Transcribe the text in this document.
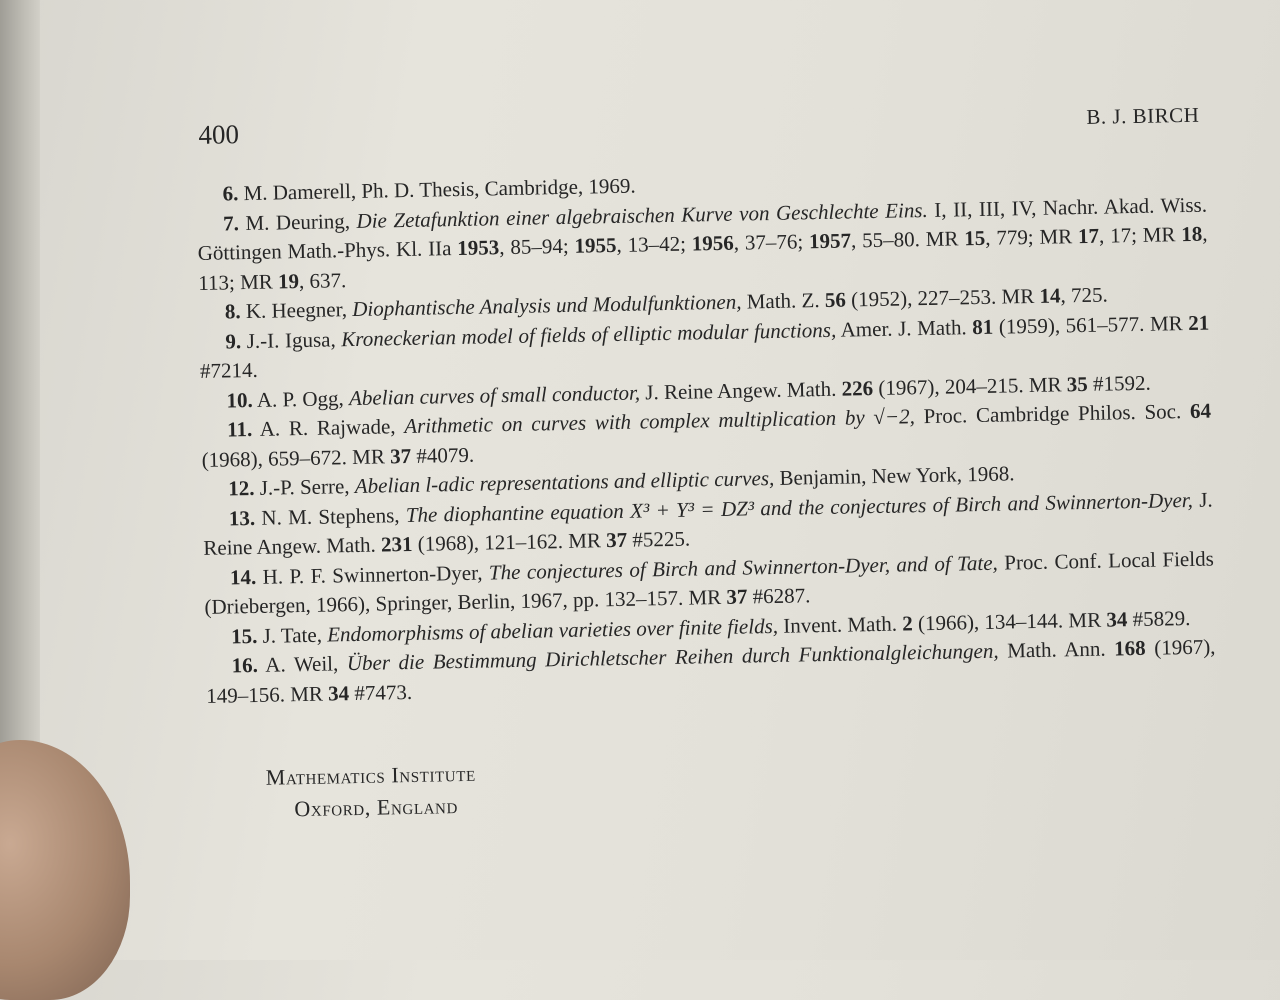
400
B. J. BIRCH

6. M. Damerell, Ph. D. Thesis, Cambridge, 1969.

7. M. Deuring, Die Zetafunktion einer algebraischen Kurve von Geschlechte Eins. I, II, III, IV, Nachr. Akad. Wiss. Göttingen Math.-Phys. Kl. IIa 1953, 85–94; 1955, 13–42; 1956, 37–76; 1957, 55–80. MR 15, 779; MR 17, 17; MR 18, 113; MR 19, 637.

8. K. Heegner, Diophantische Analysis und Modulfunktionen, Math. Z. 56 (1952), 227–253. MR 14, 725.

9. J.-I. Igusa, Kroneckerian model of fields of elliptic modular functions, Amer. J. Math. 81 (1959), 561–577. MR 21 #7214.

10. A. P. Ogg, Abelian curves of small conductor, J. Reine Angew. Math. 226 (1967), 204–215. MR 35 #1592.

11. A. R. Rajwade, Arithmetic on curves with complex multiplication by √−2, Proc. Cambridge Philos. Soc. 64 (1968), 659–672. MR 37 #4079.

12. J.-P. Serre, Abelian l-adic representations and elliptic curves, Benjamin, New York, 1968.

13. N. M. Stephens, The diophantine equation X³ + Y³ = DZ³ and the conjectures of Birch and Swinnerton-Dyer, J. Reine Angew. Math. 231 (1968), 121–162. MR 37 #5225.

14. H. P. F. Swinnerton-Dyer, The conjectures of Birch and Swinnerton-Dyer, and of Tate, Proc. Conf. Local Fields (Driebergen, 1966), Springer, Berlin, 1967, pp. 132–157. MR 37 #6287.

15. J. Tate, Endomorphisms of abelian varieties over finite fields, Invent. Math. 2 (1966), 134–144. MR 34 #5829.

16. A. Weil, Über die Bestimmung Dirichletscher Reihen durch Funktionalgleichungen, Math. Ann. 168 (1967), 149–156. MR 34 #7473.

Mathematics Institute
Oxford, England
